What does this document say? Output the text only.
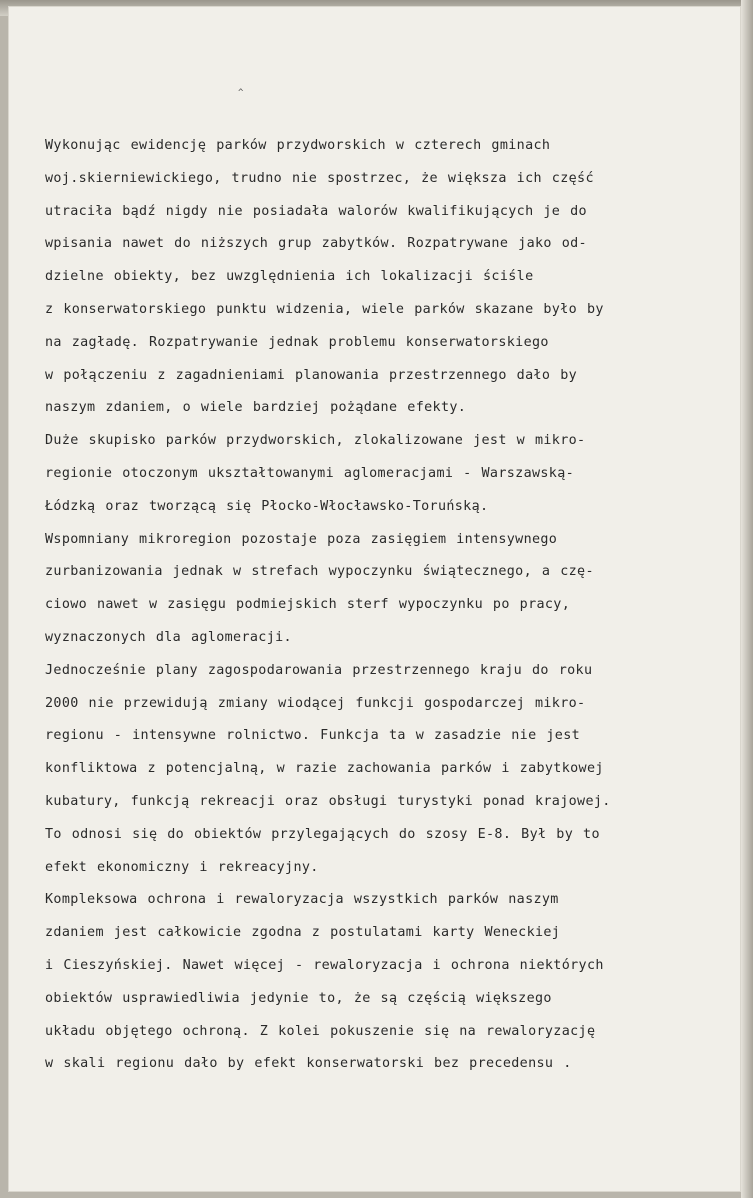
^
Wykonując ewidencję parków przydworskich w czterech gminach
woj.skierniewickiego, trudno nie spostrzec, że większa ich część
utraciła bądź nigdy nie posiadała walorów kwalifikujących je do
wpisania nawet do niższych grup zabytków. Rozpatrywane jako od-
dzielne obiekty, bez uwzględnienia ich lokalizacji ściśle
z konserwatorskiego punktu widzenia, wiele parków skazane było by
na zagładę. Rozpatrywanie jednak problemu konserwatorskiego
w połączeniu z zagadnieniami planowania przestrzennego dało by
naszym zdaniem, o wiele bardziej pożądane efekty.
Duże skupisko parków przydworskich, zlokalizowane jest w mikro-
regionie otoczonym ukształtowanymi aglomeracjami - Warszawską-
Łódzką oraz tworzącą się Płocko-Włocławsko-Toruńską.
Wspomniany mikroregion pozostaje poza zasięgiem intensywnego
zurbanizowania jednak w strefach wypoczynku świątecznego, a czę-
ciowo nawet w zasięgu podmiejskich sterf wypoczynku po pracy,
wyznaczonych dla aglomeracji.
Jednocześnie plany zagospodarowania przestrzennego kraju do roku
2000 nie przewidują zmiany wiodącej funkcji gospodarczej mikro-
regionu - intensywne rolnictwo. Funkcja ta w zasadzie nie jest
konfliktowa z potencjalną, w razie zachowania parków i zabytkowej
kubatury, funkcją rekreacji oraz obsługi turystyki ponad krajowej.
To odnosi się do obiektów przylegających do szosy E-8. Był by to
efekt ekonomiczny i rekreacyjny.
Kompleksowa ochrona i rewaloryzacja wszystkich parków naszym
zdaniem jest całkowicie zgodna z postulatami karty Weneckiej
i Cieszyńskiej. Nawet więcej - rewaloryzacja i ochrona niektórych
obiektów usprawiedliwia jedynie to, że są częścią większego
układu objętego ochroną. Z kolei pokuszenie się na rewaloryzację
w skali regionu dało by efekt konserwatorski bez precedensu .
